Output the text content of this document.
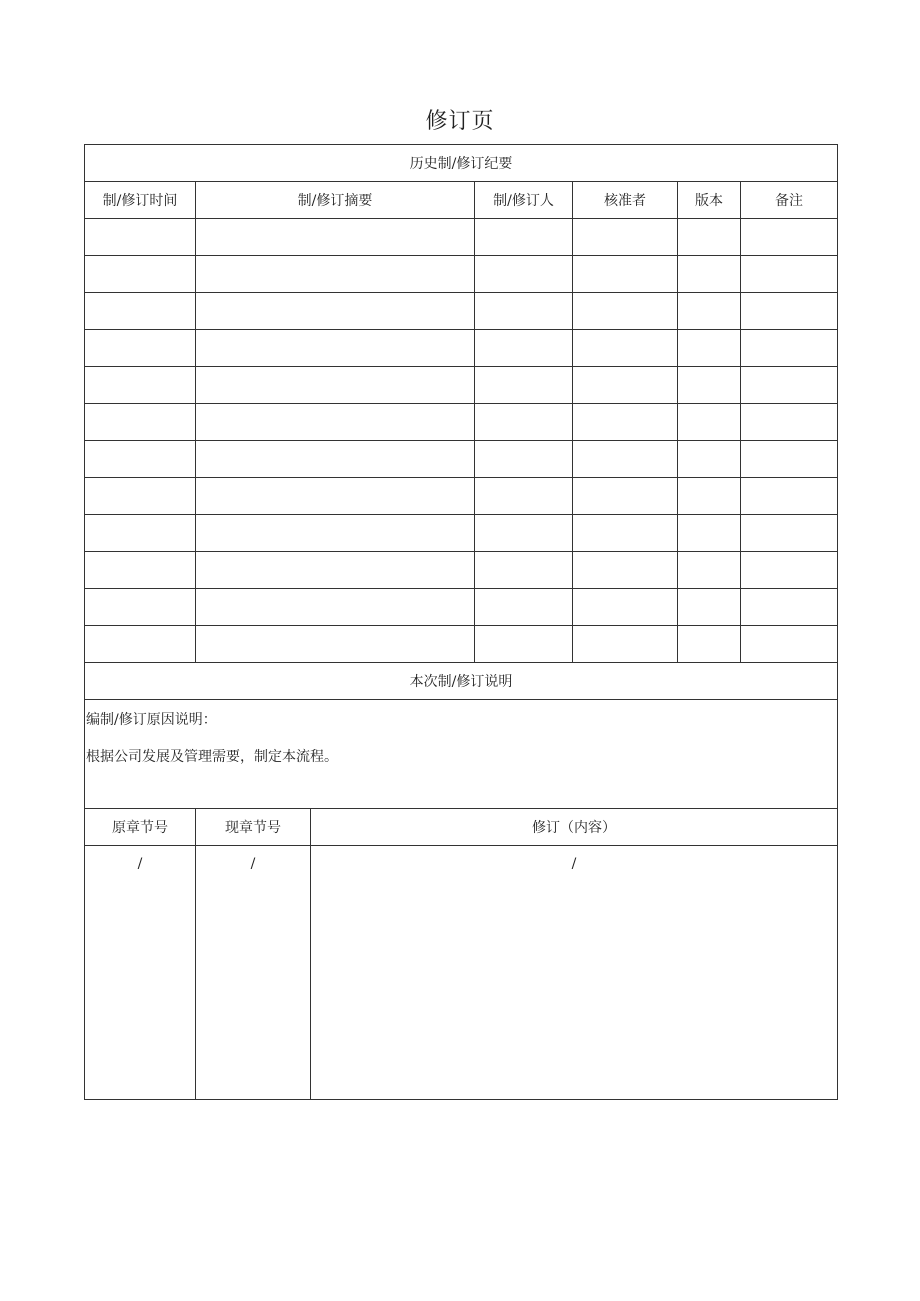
修订页
历史制/修订纪要					
制/修订时间	制/修订摘要	制/修订人	核准者	版本	备注

本次制/修订说明					

编制/修订原因说明：
根据公司发展及管理需要，制定本流程。					
原章节号	现章节号	修订（内容）
/	/	/
